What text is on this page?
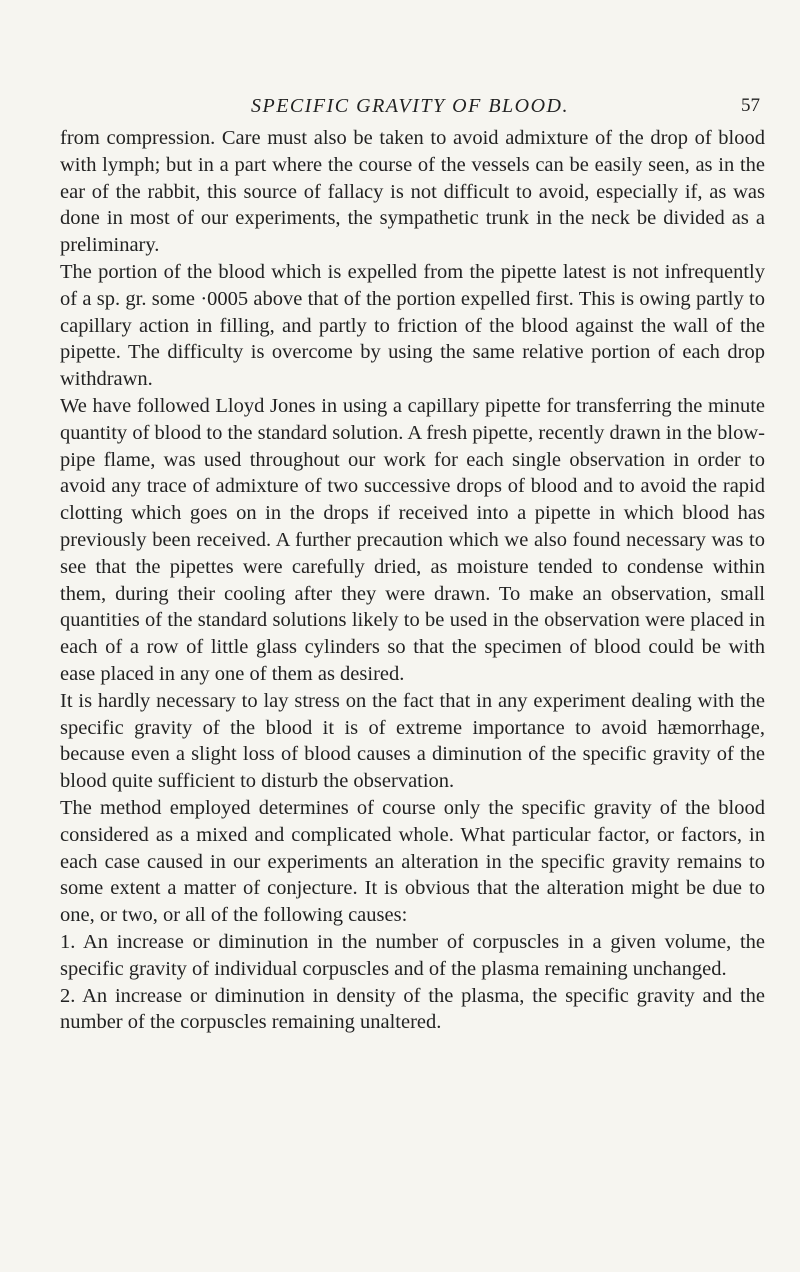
SPECIFIC GRAVITY OF BLOOD.	57

from compression. Care must also be taken to avoid admixture of the drop of blood with lymph; but in a part where the course of the vessels can be easily seen, as in the ear of the rabbit, this source of fallacy is not difficult to avoid, especially if, as was done in most of our experiments, the sympathetic trunk in the neck be divided as a preliminary.

The portion of the blood which is expelled from the pipette latest is not infrequently of a sp. gr. some ·0005 above that of the portion expelled first. This is owing partly to capillary action in filling, and partly to friction of the blood against the wall of the pipette. The difficulty is overcome by using the same relative portion of each drop withdrawn.

We have followed Lloyd Jones in using a capillary pipette for transferring the minute quantity of blood to the standard solution. A fresh pipette, recently drawn in the blow-pipe flame, was used throughout our work for each single observation in order to avoid any trace of admixture of two successive drops of blood and to avoid the rapid clotting which goes on in the drops if received into a pipette in which blood has previously been received. A further precaution which we also found necessary was to see that the pipettes were carefully dried, as moisture tended to condense within them, during their cooling after they were drawn. To make an observation, small quantities of the standard solutions likely to be used in the observation were placed in each of a row of little glass cylinders so that the specimen of blood could be with ease placed in any one of them as desired.

It is hardly necessary to lay stress on the fact that in any experiment dealing with the specific gravity of the blood it is of extreme importance to avoid hæmorrhage, because even a slight loss of blood causes a diminution of the specific gravity of the blood quite sufficient to disturb the observation.

The method employed determines of course only the specific gravity of the blood considered as a mixed and complicated whole. What particular factor, or factors, in each case caused in our experiments an alteration in the specific gravity remains to some extent a matter of conjecture. It is obvious that the alteration might be due to one, or two, or all of the following causes:

1. An increase or diminution in the number of corpuscles in a given volume, the specific gravity of individual corpuscles and of the plasma remaining unchanged.

2. An increase or diminution in density of the plasma, the specific gravity and the number of the corpuscles remaining unaltered.
